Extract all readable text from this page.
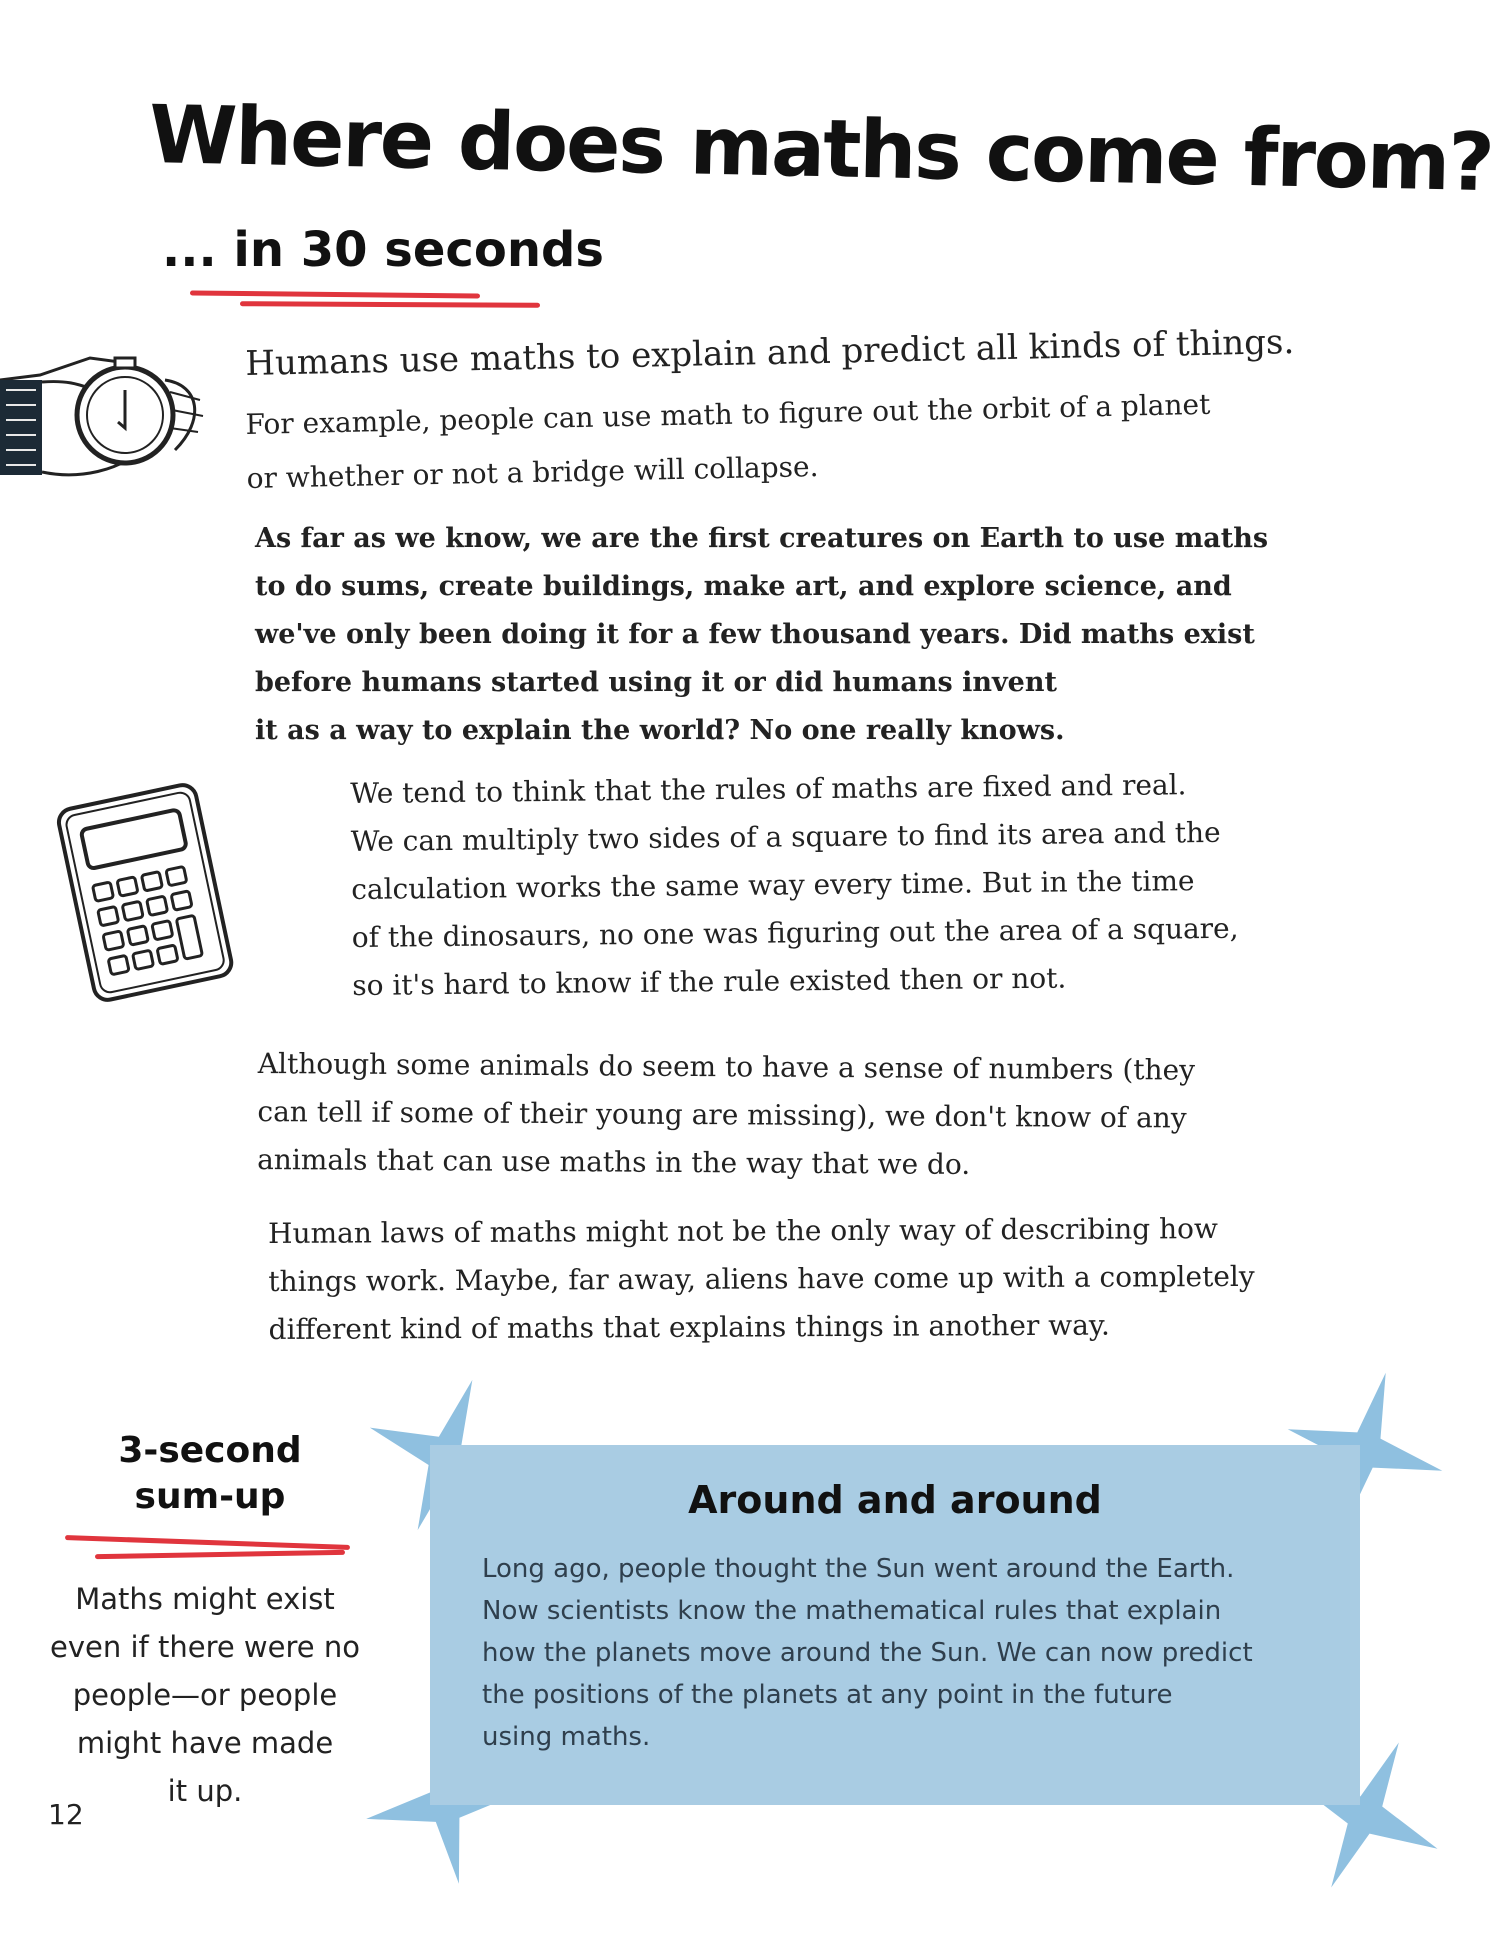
Where does maths come from?
... in 30 seconds

Humans use maths to explain and predict all kinds of things.

For example, people can use math to figure out the orbit of a planet
or whether or not a bridge will collapse.

As far as we know, we are the first creatures on Earth to use maths
to do sums, create buildings, make art, and explore science, and
we've only been doing it for a few thousand years. Did maths exist
before humans started using it or did humans invent
it as a way to explain the world? No one really knows.

We tend to think that the rules of maths are fixed and real.
We can multiply two sides of a square to find its area and the
calculation works the same way every time. But in the time
of the dinosaurs, no one was figuring out the area of a square,
so it's hard to know if the rule existed then or not.

Although some animals do seem to have a sense of numbers (they
can tell if some of their young are missing), we don't know of any
animals that can use maths in the way that we do.

Human laws of maths might not be the only way of describing how
things work. Maybe, far away, aliens have come up with a completely
different kind of maths that explains things in another way.

3-second
sum-up

Maths might exist
even if there were no
people—or people
might have made
it up.

12
Around and around

Long ago, people thought the Sun went around the Earth.
Now scientists know the mathematical rules that explain
how the planets move around the Sun. We can now predict
the positions of the planets at any point in the future
using maths.
